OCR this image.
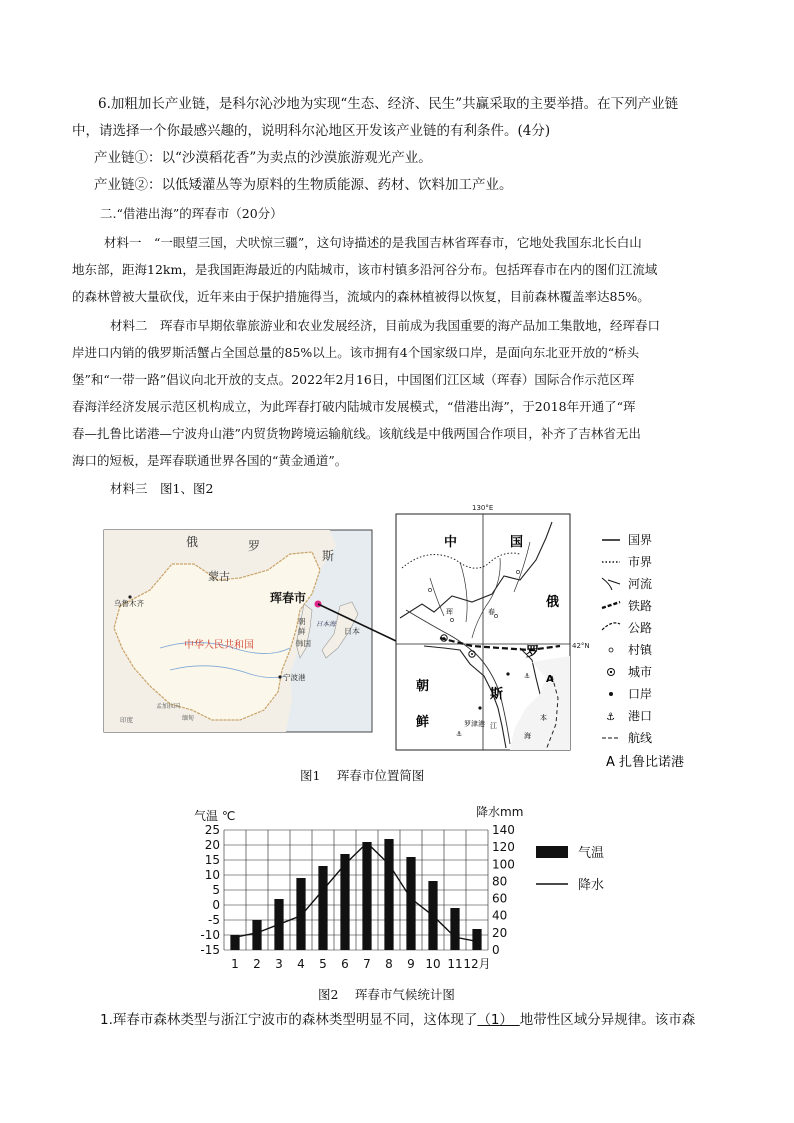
6.加粗加长产业链，是科尔沁沙地为实现“生态、经济、民生”共赢采取的主要举措。在下列产业链

中，请选择一个你最感兴趣的，说明科尔沁地区开发该产业链的有利条件。(4分)

产业链①：以“沙漠稻花香”为卖点的沙漠旅游观光产业。

产业链②：以低矮灌丛等为原料的生物质能源、药材、饮料加工产业。

二.“借港出海”的珲春市（20分）

材料一　“一眼望三国，犬吠惊三疆”，这句诗描述的是我国吉林省珲春市，它地处我国东北长白山

地东部，距海12km，是我国距海最近的内陆城市，该市村镇多沿河谷分布。包括珲春市在内的图们江流域

的森林曾被大量砍伐，近年来由于保护措施得当，流域内的森林植被得以恢复，目前森林覆盖率达85%。

材料二　珲春市早期依靠旅游业和农业发展经济，目前成为我国重要的海产品加工集散地，经珲春口

岸进口内销的俄罗斯活蟹占全国总量的85%以上。该市拥有4个国家级口岸，是面向东北亚开放的“桥头

堡”和“一带一路”倡议向北开放的支点。2022年2月16日，中国图们江区域（珲春）国际合作示范区珲

春海洋经济发展示范区机构成立，为此珲春打破内陆城市发展模式，“借港出海”，于2018年开通了“珲

春—扎鲁比诺港—宁波舟山港”内贸货物跨境运输航线。该航线是中俄两国合作项目，补齐了吉林省无出

海口的短板，是珲春联通世界各国的“黄金通道”。

材料三　图1、图2

俄	罗
斯
蒙古
乌鲁木齐	珲春市
中华人民共和国
朝
鲜
韩国
日本海
日本
宁波港
印度
孟加拉国
缅甸
130°E
42°N
⚓
⚓
中	国
俄
罗
斯
朝
鲜
珲	春
罗津港
本
海
江
A
国界
市界
河流
铁路
公路
村镇
城市
口岸
⚓ 港口
航线
A 扎鲁比诺港
图1　 珲春市位置简图
气温 ℃	降水mm
25
20
15
10
5
0
-5
-10
-15
140
120
100
80
60
40
20
0
1 2 3 4 5 6 7 8 9 10 11 12月
气温
降水
图2　 珲春市气候统计图

1.珲春市森林类型与浙江宁波市的森林类型明显不同，这体现了（1）　地带性区域分异规律。该市森
